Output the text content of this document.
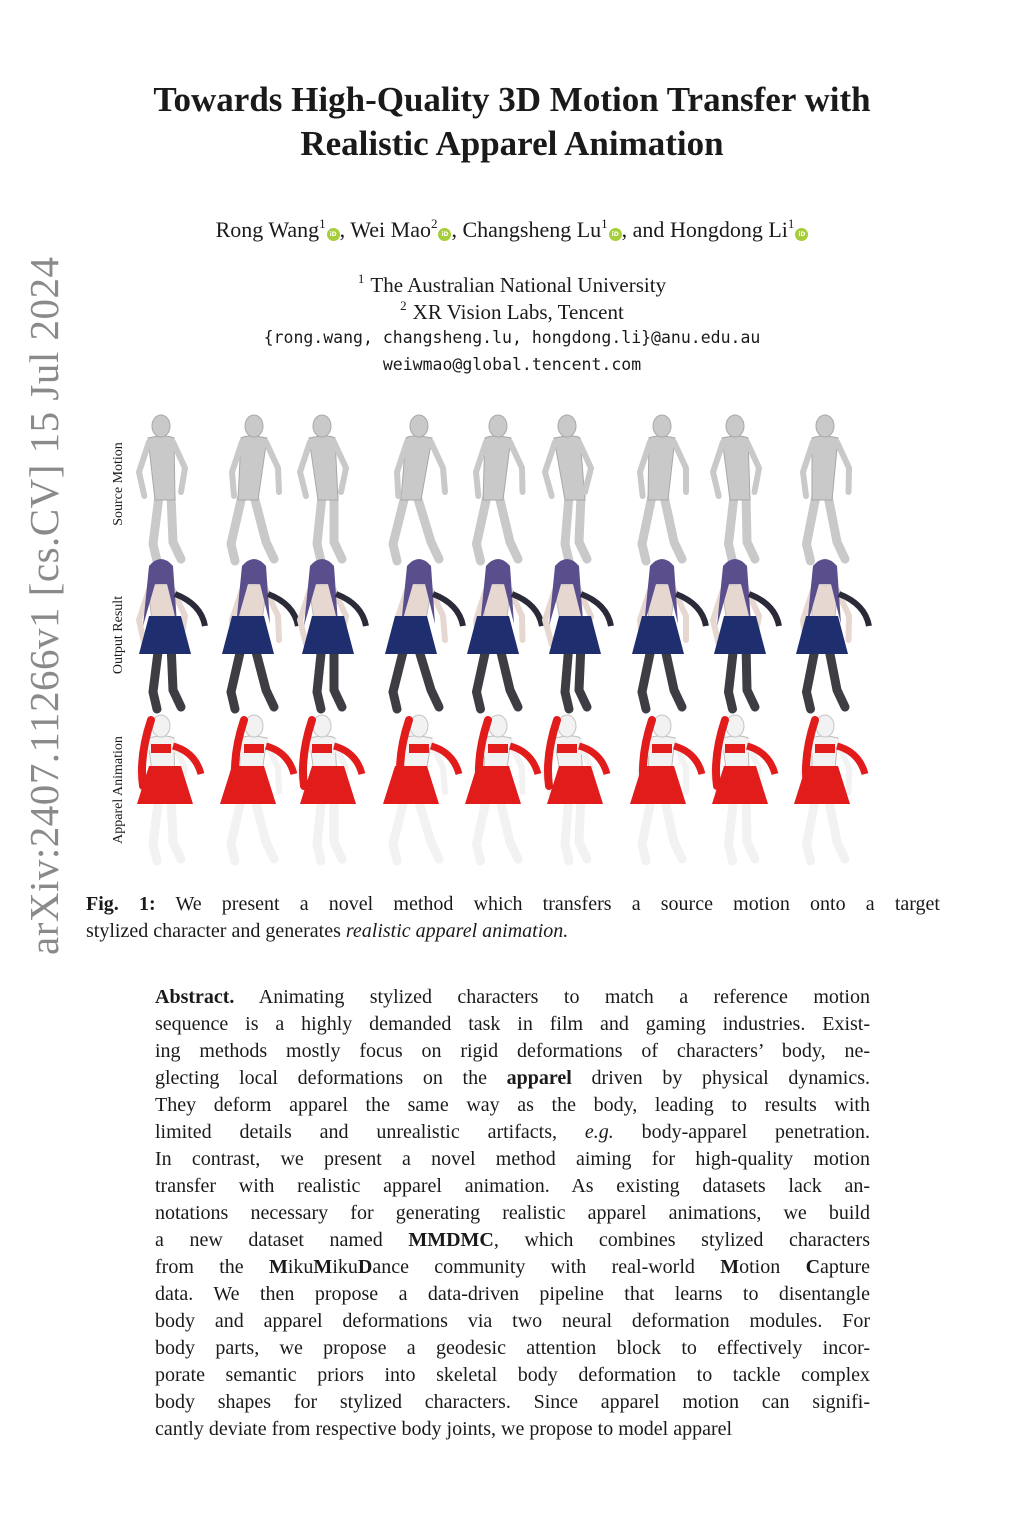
arXiv:2407.11266v1 [cs.CV] 15 Jul 2024
Towards High-Quality 3D Motion Transfer with
Realistic Apparel Animation
Rong Wang$^1$iD , Wei Mao$^2$iD , Changsheng Lu$^1$iD , and Hongdong Li$^1$iD
$^1$ The Australian National University
$^2$ XR Vision Labs, Tencent
{rong.wang, changsheng.lu, hongdong.li}@anu.edu.au
weiwmao@global.tencent.com
Source Motion
Output Result
Apparel Animation
Fig. 1: We present a novel method which transfers a source motion onto a target
stylized character and generates realistic apparel animation.
Abstract. Animating stylized characters to match a reference motion
sequence is a highly demanded task in film and gaming industries. Exist-
ing methods mostly focus on rigid deformations of characters’ body, ne-
glecting local deformations on the apparel driven by physical dynamics.
They deform apparel the same way as the body, leading to results with
limited details and unrealistic artifacts, e.g. body-apparel penetration.
In contrast, we present a novel method aiming for high-quality motion
transfer with realistic apparel animation. As existing datasets lack an-
notations necessary for generating realistic apparel animations, we build
a new dataset named MMDMC, which combines stylized characters
from the MikuMikuDance community with real-world Motion Capture
data. We then propose a data-driven pipeline that learns to disentangle
body and apparel deformations via two neural deformation modules. For
body parts, we propose a geodesic attention block to effectively incor-
porate semantic priors into skeletal body deformation to tackle complex
body shapes for stylized characters. Since apparel motion can signifi-
cantly deviate from respective body joints, we propose to model apparel
